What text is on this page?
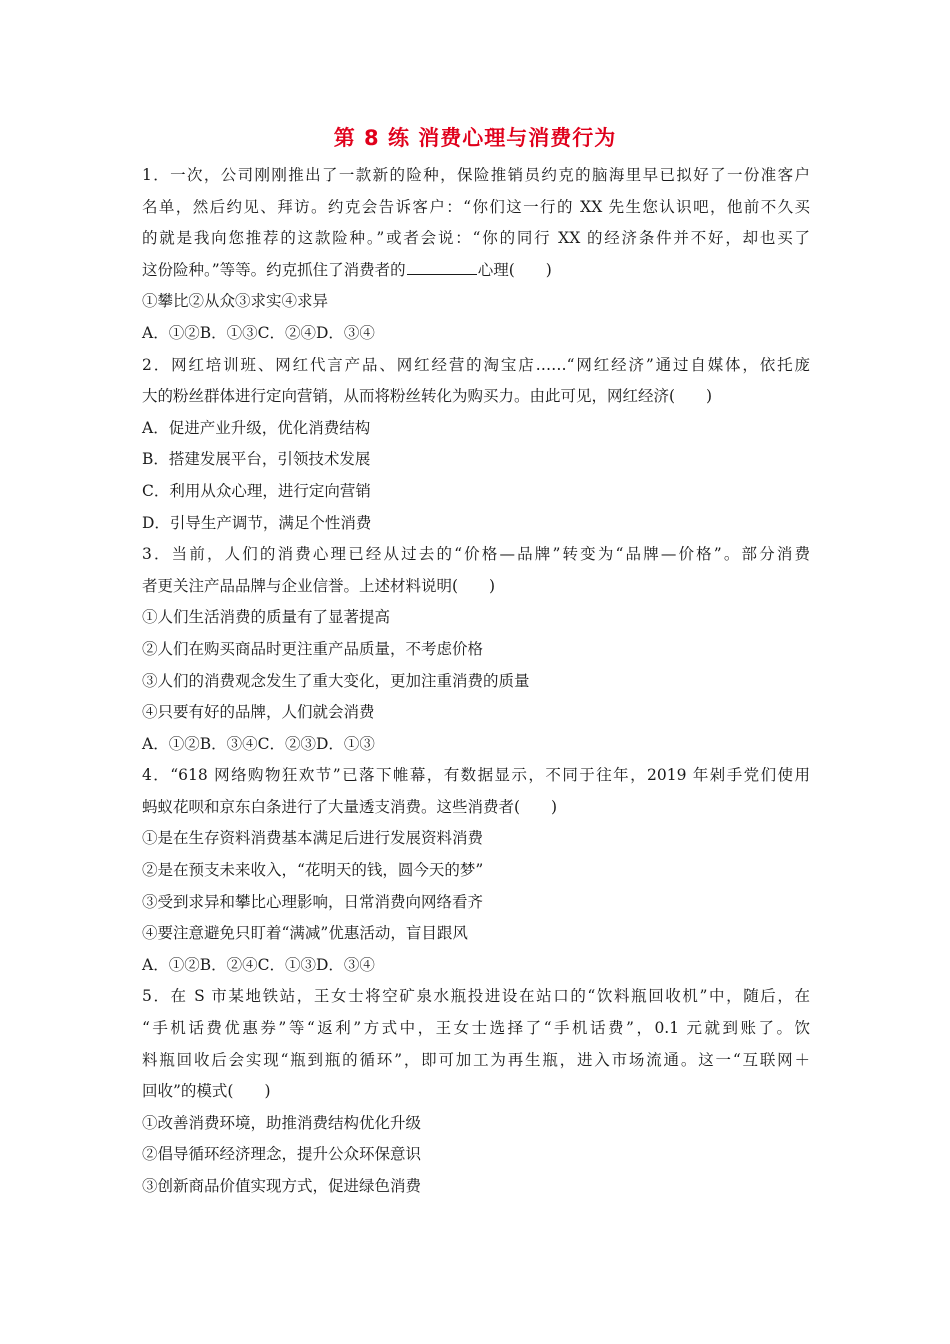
第 8 练 消费心理与消费行为
1．一次，公司刚刚推出了一款新的险种，保险推销员约克的脑海里早已拟好了一份准客户
名单，然后约见、拜访。约克会告诉客户：“你们这一行的 XX 先生您认识吧，他前不久买
的就是我向您推荐的这款险种。”或者会说：“你的同行 XX 的经济条件并不好，却也买了
这份险种。”等等。约克抓住了消费者的	心理(　　)
①攀比②从众③求实④求异
A．①②B．①③C．②④D．③④
2．网红培训班、网红代言产品、网红经营的淘宝店……“网红经济”通过自媒体，依托庞
大的粉丝群体进行定向营销，从而将粉丝转化为购买力。由此可见，网红经济(　　)
A．促进产业升级，优化消费结构
B．搭建发展平台，引领技术发展
C．利用从众心理，进行定向营销
D．引导生产调节，满足个性消费
3．当前，人们的消费心理已经从过去的“价格—品牌”转变为“品牌—价格”。部分消费
者更关注产品品牌与企业信誉。上述材料说明(　　)
①人们生活消费的质量有了显著提高
②人们在购买商品时更注重产品质量，不考虑价格
③人们的消费观念发生了重大变化，更加注重消费的质量
④只要有好的品牌，人们就会消费
A．①②B．③④C．②③D．①③
4．“618 网络购物狂欢节”已落下帷幕，有数据显示，不同于往年，2019 年剁手党们使用
蚂蚁花呗和京东白条进行了大量透支消费。这些消费者(　　)
①是在生存资料消费基本满足后进行发展资料消费
②是在预支未来收入，“花明天的钱，圆今天的梦”
③受到求异和攀比心理影响，日常消费向网络看齐
④要注意避免只盯着“满减”优惠活动，盲目跟风
A．①②B．②④C．①③D．③④
5．在 S 市某地铁站，王女士将空矿泉水瓶投进设在站口的“饮料瓶回收机”中，随后，在
“手机话费优惠券”等“返利”方式中，王女士选择了“手机话费”，0.1 元就到账了。饮
料瓶回收后会实现“瓶到瓶的循环”，即可加工为再生瓶，进入市场流通。这一“互联网＋
回收”的模式(　　)
①改善消费环境，助推消费结构优化升级
②倡导循环经济理念，提升公众环保意识
③创新商品价值实现方式，促进绿色消费
